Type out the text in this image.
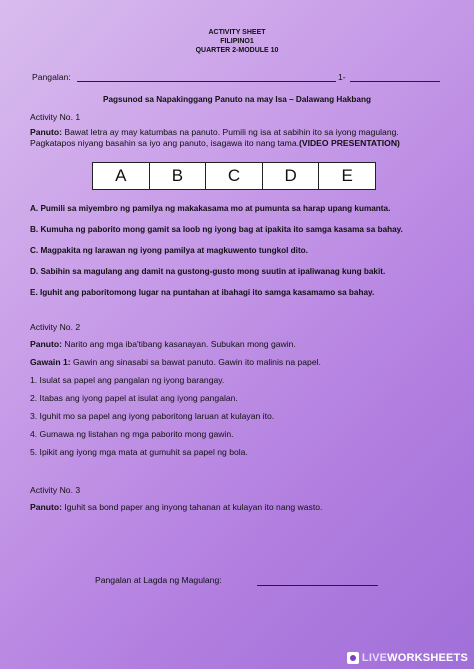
ACTIVITY SHEET
FILIPINO1
QUARTER 2-MODULE 10
Pangalan:	1-
Pagsunod sa Napakinggang Panuto na may Isa – Dalawang Hakbang
Activity No. 1
Panuto: Bawat letra ay may katumbas na panuto. Pumili ng isa at sabihin ito sa iyong magulang.
Pagkatapos niyang basahin sa iyo ang panuto, isagawa ito nang tama.(VIDEO PRESENTATION)
A	B	C	D	E
A. Pumili sa miyembro ng pamilya ng makakasama mo at pumunta sa harap upang kumanta.
B. Kumuha ng paborito mong gamit sa loob ng iyong bag at ipakita ito samga kasama sa bahay.
C. Magpakita ng larawan ng iyong pamilya at magkuwento tungkol dito.
D. Sabihin sa magulang ang damit na gustong-gusto mong suutin at ipaliwanag kung bakit.
E. Iguhit ang paboritomong lugar na puntahan at ibahagi ito samga kasamamo sa bahay.
Activity No. 2
Panuto: Narito ang mga iba'tibang kasanayan. Subukan mong gawin.
Gawain 1: Gawin ang sinasabi sa bawat panuto. Gawin ito malinis na papel.
1. Isulat sa papel ang pangalan ng iyong barangay.
2. Itabas ang iyong papel at isulat ang iyong pangalan.
3. Iguhit mo sa papel ang iyong paboritong laruan at kulayan ito.
4. Gumawa ng listahan ng mga paborito mong gawin.
5. Ipikit ang iyong mga mata at gumuhit sa papel ng bola.
Activity No. 3
Panuto: Iguhit sa bond paper ang inyong tahanan at kulayan ito nang wasto.
Pangalan at Lagda ng Magulang:
LIVEWORKSHEETS
